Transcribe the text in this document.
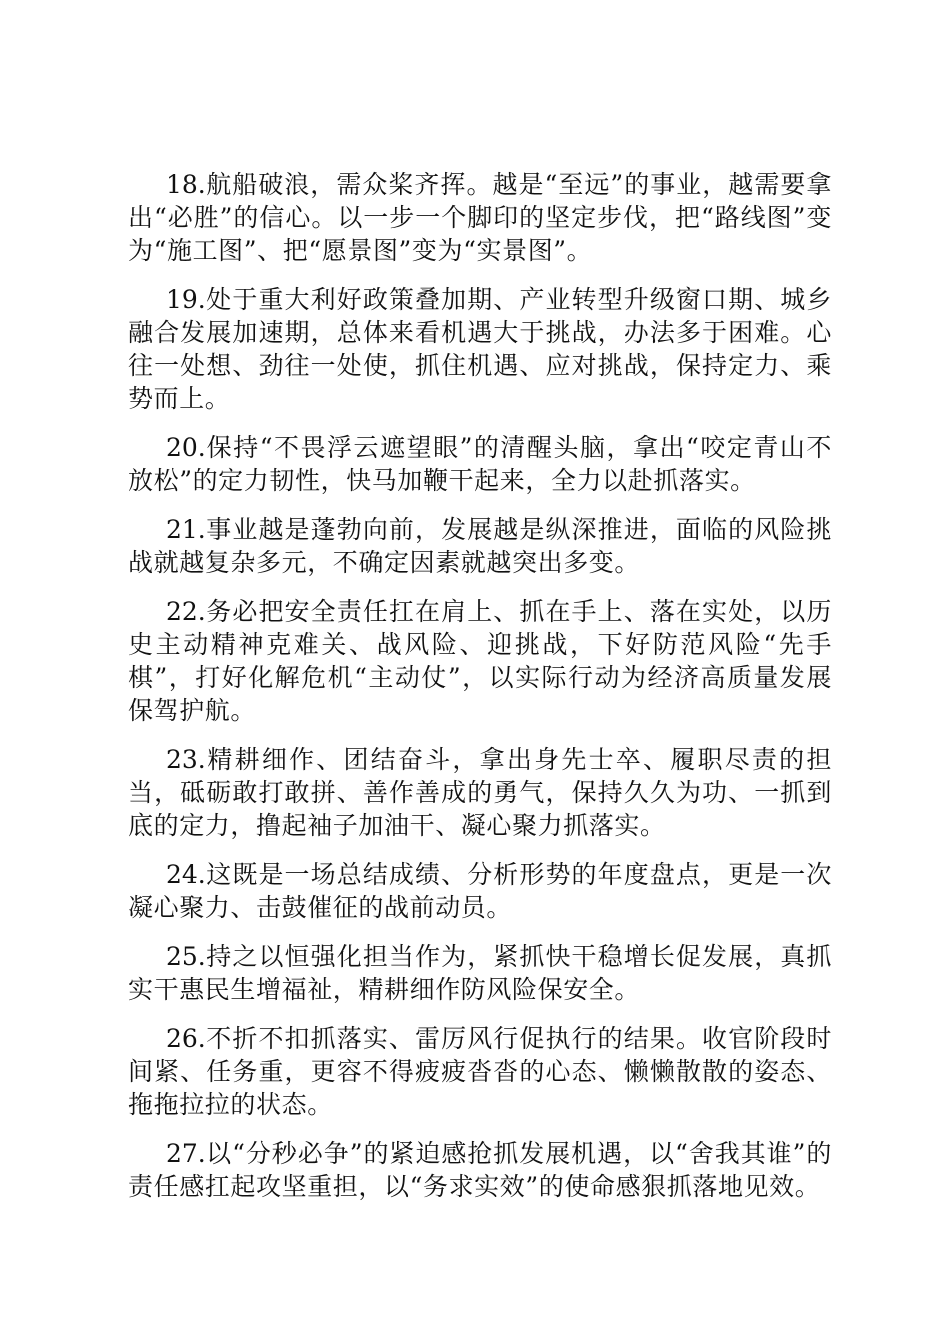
18.航船破浪，需众桨齐挥。越是“至远”的事业，越需要拿出“必胜”的信心。以一步一个脚印的坚定步伐，把“路线图”变为“施工图”、把“愿景图”变为“实景图”。

19.处于重大利好政策叠加期、产业转型升级窗口期、城乡融合发展加速期，总体来看机遇大于挑战，办法多于困难。心往一处想、劲往一处使，抓住机遇、应对挑战，保持定力、乘势而上。

20.保持“不畏浮云遮望眼”的清醒头脑，拿出“咬定青山不放松”的定力韧性，快马加鞭干起来，全力以赴抓落实。

21.事业越是蓬勃向前，发展越是纵深推进，面临的风险挑战就越复杂多元，不确定因素就越突出多变。

22.务必把安全责任扛在肩上、抓在手上、落在实处，以历史主动精神克难关、战风险、迎挑战，下好防范风险“先手棋”，打好化解危机“主动仗”，以实际行动为经济高质量发展保驾护航。

23.精耕细作、团结奋斗，拿出身先士卒、履职尽责的担当，砥砺敢打敢拼、善作善成的勇气，保持久久为功、一抓到底的定力，撸起袖子加油干、凝心聚力抓落实。

24.这既是一场总结成绩、分析形势的年度盘点，更是一次凝心聚力、击鼓催征的战前动员。

25.持之以恒强化担当作为，紧抓快干稳增长促发展，真抓实干惠民生增福祉，精耕细作防风险保安全。

26.不折不扣抓落实、雷厉风行促执行的结果。收官阶段时间紧、任务重，更容不得疲疲沓沓的心态、懒懒散散的姿态、拖拖拉拉的状态。

27.以“分秒必争”的紧迫感抢抓发展机遇，以“舍我其谁”的责任感扛起攻坚重担，以“务求实效”的使命感狠抓落地见效。
